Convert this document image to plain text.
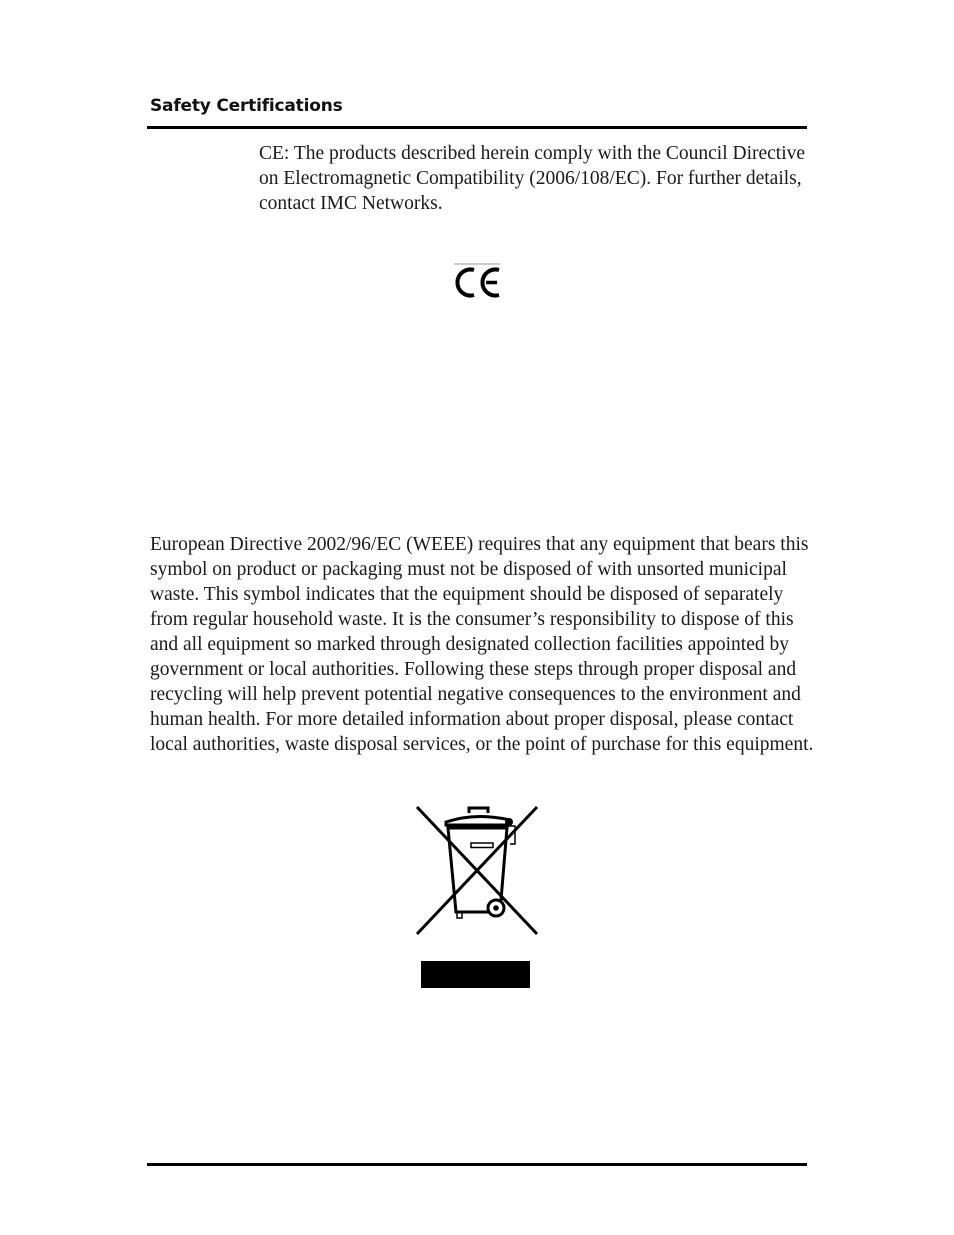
Safety Certifications

CE: The products described herein comply with the Council Directive
on Electromagnetic Compatibility (2006/108/EC). For further details,
contact IMC Networks.

European Directive 2002/96/EC (WEEE) requires that any equipment that bears this
symbol on product or packaging must not be disposed of with unsorted municipal
waste. This symbol indicates that the equipment should be disposed of separately
from regular household waste. It is the consumer’s responsibility to dispose of this
and all equipment so marked through designated collection facilities appointed by
government or local authorities. Following these steps through proper disposal and
recycling will help prevent potential negative consequences to the environment and
human health. For more detailed information about proper disposal, please contact
local authorities, waste disposal services, or the point of purchase for this equipment.
